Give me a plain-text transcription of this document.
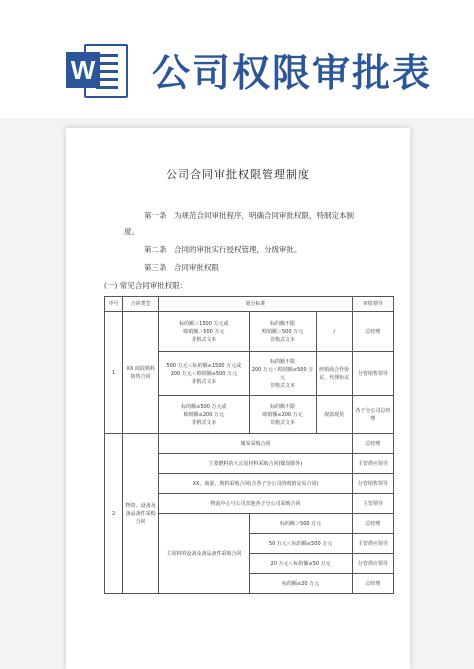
W 公司权限审批表
公司合同审批权限管理制度
第一条　为规范合同审批程序，明确合同审批权限，特制定本制
度。
第二条　合同的审批实行授权管理，分级审批。
第三条　合同审批权限
(一) 常见合同审批权限：
序号	合同类型	划分标准			审批领导
1	XX 商混熟料销售合同	标的额＞1500 万元或
赊销额＞500 万元
非格式文本	标的额不限
赊销额＞500 万元
非格式文本	/	总经理
		500 万元＜标的额≤1500 万元或
200 万元＜赊销额≤500 万元
非格式文本	标的额不限
200 万元＜赊销额≤500 万元
非格式文本	经销商合作协议、代理协议	分管销售领导
		标的额≤500 万元或
赊销额≤200 万元
非格式文本	标的额不限
赊销额≤200 万元
非格式文本	现款现货	各子分公司总经理
2	物资、设备及备品备件采购合同	煤炭采购合同			总经理
		主要燃料的大宗原材料采购合同(煤炭除外)			主管供应领导
		XX、商混、熟料采购合同(含各子分公司的购销交易合同)			分管销售领导
		物流中心与公司其他各子分公司采购合同			主管领导
		主原料的设备及备品备件采购合同	标的额＞500 万元		总经理
			50 万元＜标的额≤500 万元		主管供应领导
			20 万元＜标的额≤50 万元		分管供应领导
			标的额≤20 万元		总经理
